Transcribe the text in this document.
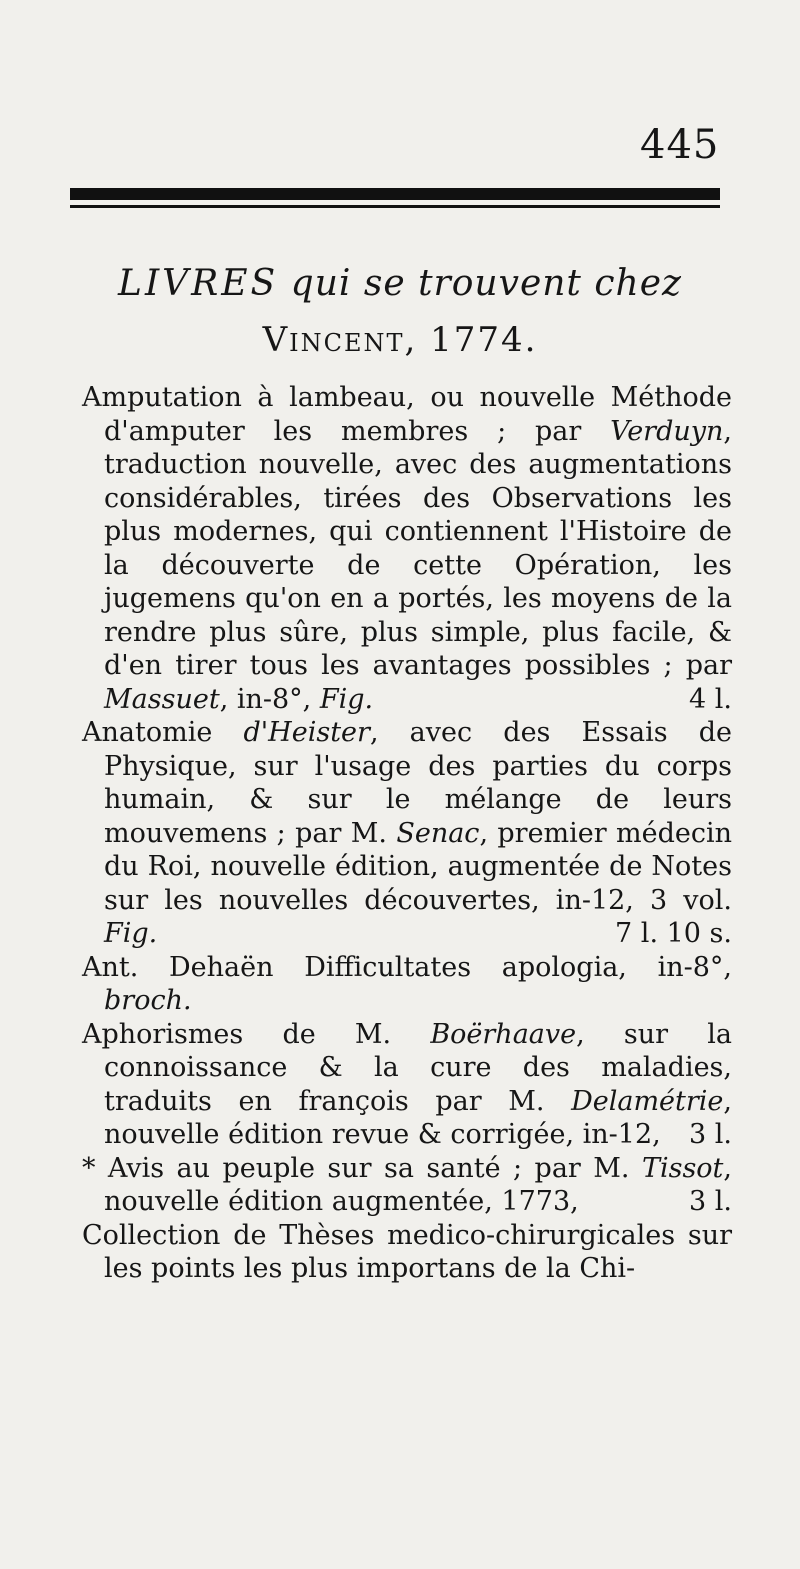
445
LIVRES qui se trouvent chez
Vincent, 1774.

Amputation à lambeau, ou nouvelle Méthode d'amputer les membres ; par Verduyn, traduction nouvelle, avec des augmentations considérables, tirées des Observations les plus modernes, qui contiennent l'Histoire de la découverte de cette Opération, les jugemens qu'on en a portés, les moyens de la rendre plus sûre, plus simple, plus facile, & d'en tirer tous les avantages possibles ; par Massuet, in-8°, Fig.	4 l.

Anatomie d'Heister, avec des Essais de Physique, sur l'usage des parties du corps humain, & sur le mélange de leurs mouvemens ; par M. Senac, premier médecin du Roi, nouvelle édition, augmentée de Notes sur les nouvelles découvertes, in-12, 3 vol. Fig.	7 l. 10 s.

Ant. Dehaën Difficultates apologia, in-8°, broch.

Aphorismes de M. Boërhaave, sur la connoissance & la cure des maladies, traduits en françois par M. Delamétrie, nouvelle édition revue & corrigée, in-12, 3 l.

* Avis au peuple sur sa santé ; par M. Tissot, nouvelle édition augmentée, 1773,	3 l.

Collection de Thèses medico-chirurgicales sur les points les plus importans de la Chi-
